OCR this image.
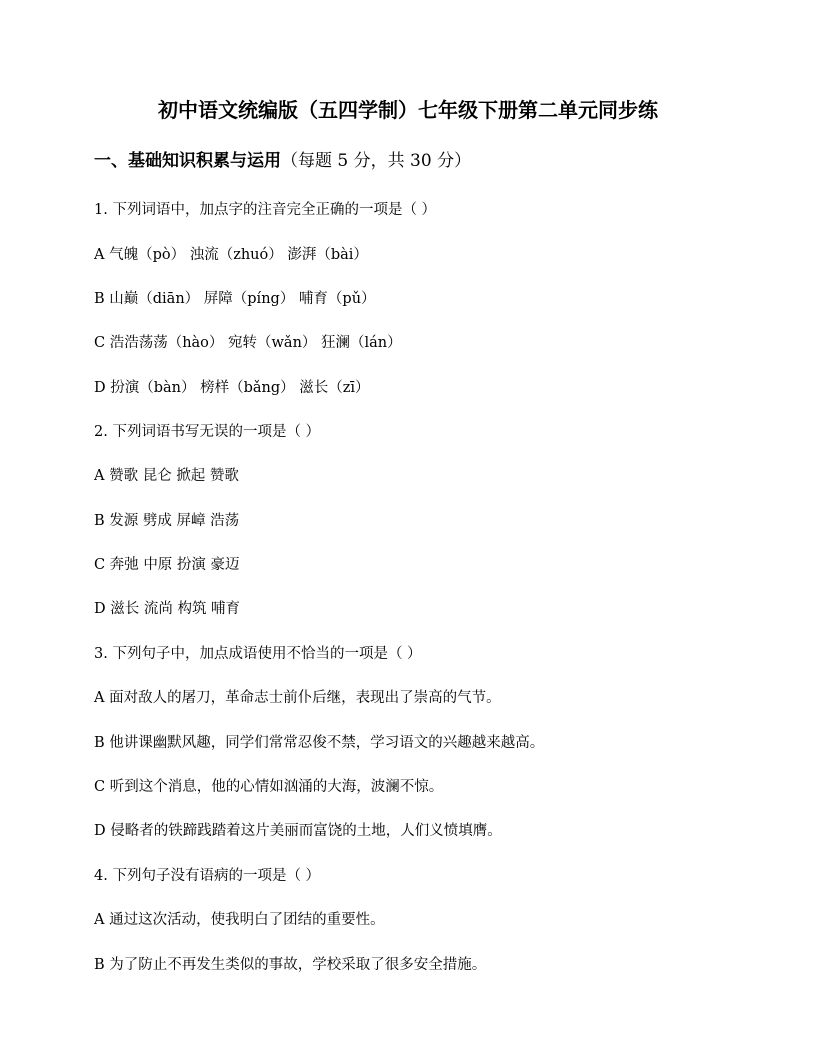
初中语文统编版（五四学制）七年级下册第二单元同步练
一、基础知识积累与运用（每题 5 分，共 30 分）
1. 下列词语中，加点字的注音完全正确的一项是（ ）
A 气魄（pò） 浊流（zhuó） 澎湃（bài）
B 山巅（diān） 屏障（píng） 哺育（pǔ）
C 浩浩荡荡（hào） 宛转（wǎn） 狂澜（lán）
D 扮演（bàn） 榜样（bǎng） 滋长（zī）
2. 下列词语书写无误的一项是（ ）
A 赞歌 昆仑 掀起 赞歌
B 发源 劈成 屏嶂 浩荡
C 奔弛 中原 扮演 豪迈
D 滋长 流尚 构筑 哺育
3. 下列句子中，加点成语使用不恰当的一项是（ ）
A 面对敌人的屠刀，革命志士前仆后继，表现出了崇高的气节。
B 他讲课幽默风趣，同学们常常忍俊不禁，学习语文的兴趣越来越高。
C 听到这个消息，他的心情如汹涌的大海，波澜不惊。
D 侵略者的铁蹄践踏着这片美丽而富饶的土地，人们义愤填膺。
4. 下列句子没有语病的一项是（ ）
A 通过这次活动，使我明白了团结的重要性。
B 为了防止不再发生类似的事故，学校采取了很多安全措施。
